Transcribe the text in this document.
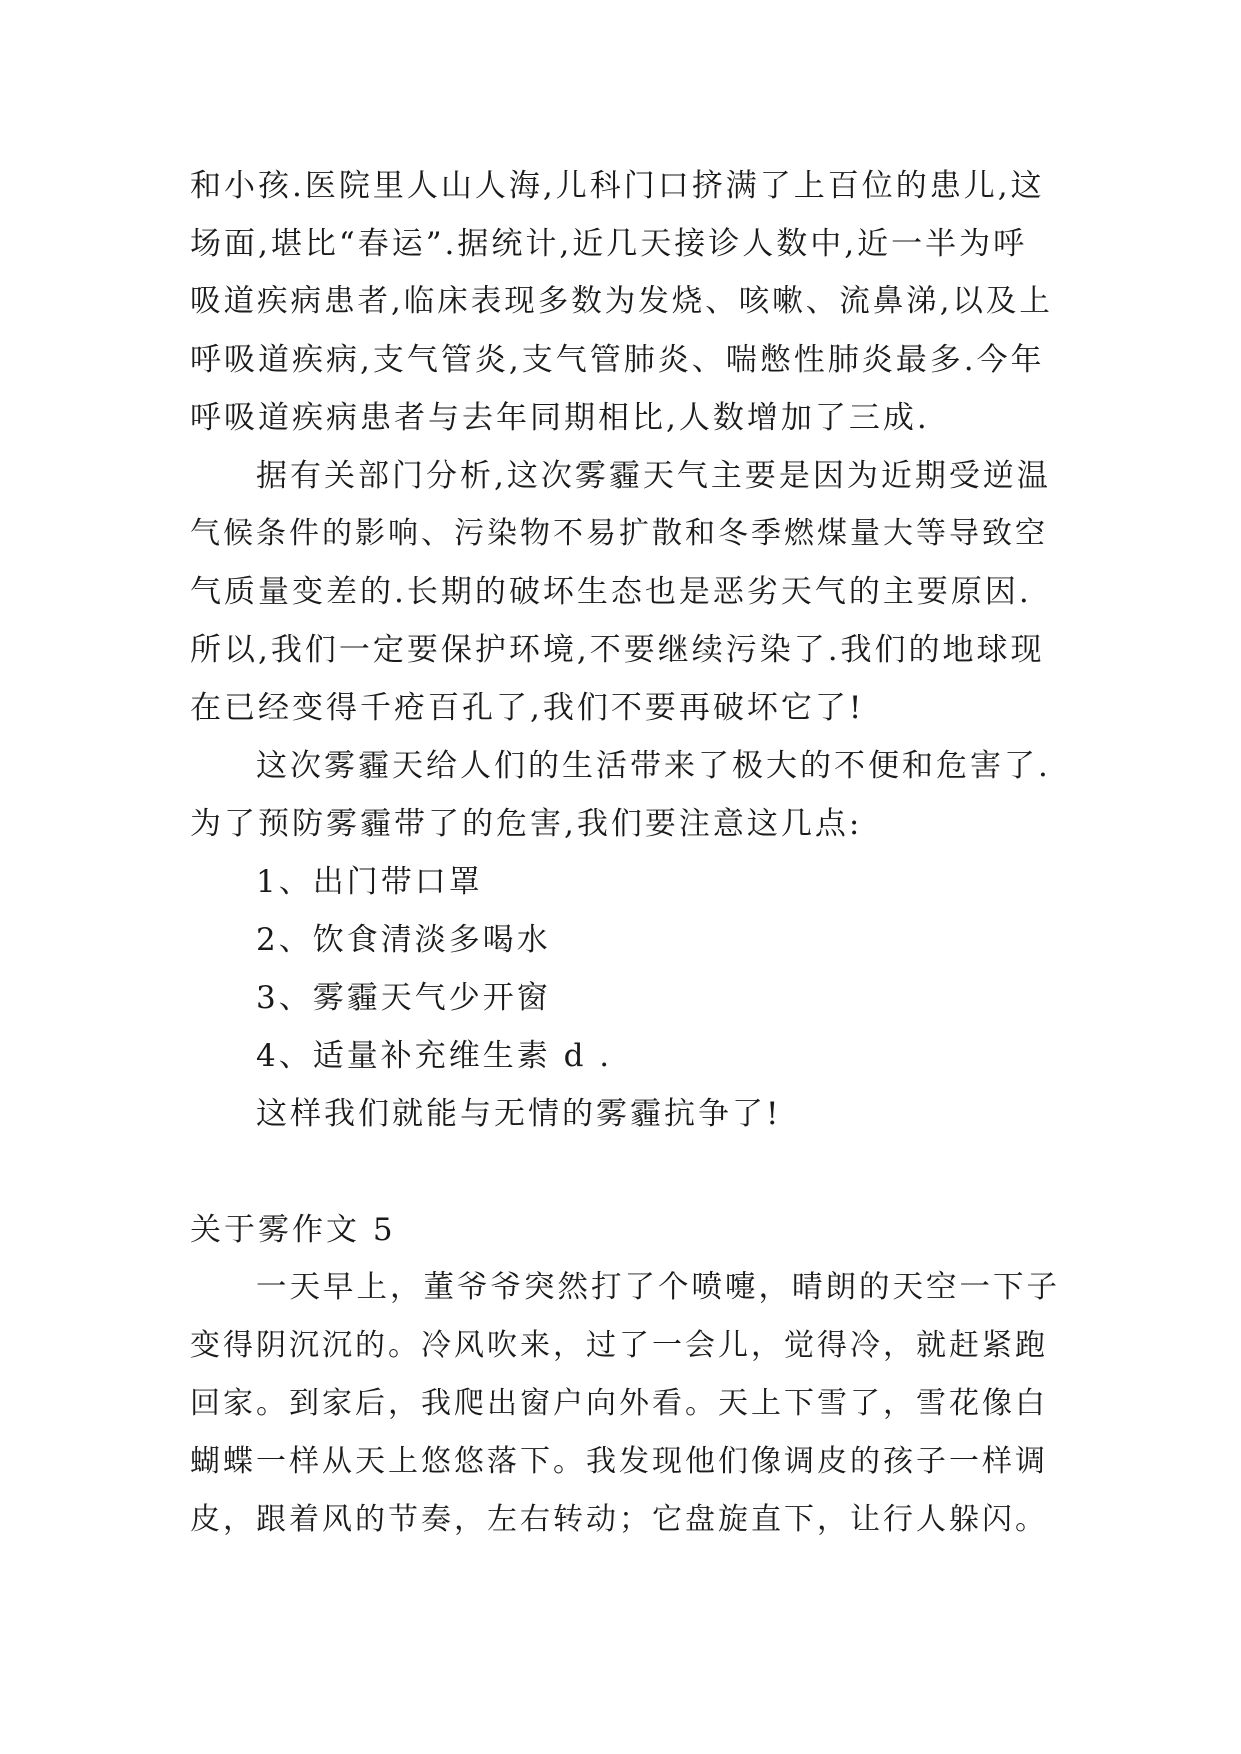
和小孩.医院里人山人海,儿科门口挤满了上百位的患儿,这
场面,堪比“春运”.据统计,近几天接诊人数中,近一半为呼
吸道疾病患者,临床表现多数为发烧、咳嗽、流鼻涕,以及上
呼吸道疾病,支气管炎,支气管肺炎、喘憋性肺炎最多.今年
呼吸道疾病患者与去年同期相比,人数增加了三成.
据有关部门分析,这次雾霾天气主要是因为近期受逆温
气候条件的影响、污染物不易扩散和冬季燃煤量大等导致空
气质量变差的.长期的破坏生态也是恶劣天气的主要原因.
所以,我们一定要保护环境,不要继续污染了.我们的地球现
在已经变得千疮百孔了,我们不要再破坏它了!
这次雾霾天给人们的生活带来了极大的不便和危害了.
为了预防雾霾带了的危害,我们要注意这几点:
1、出门带口罩
2、饮食清淡多喝水
3、雾霾天气少开窗
4、适量补充维生素 d .
这样我们就能与无情的雾霾抗争了!
关于雾作文 5
一天早上，董爷爷突然打了个喷嚏，晴朗的天空一下子
变得阴沉沉的。冷风吹来，过了一会儿，觉得冷，就赶紧跑
回家。到家后，我爬出窗户向外看。天上下雪了，雪花像白
蝴蝶一样从天上悠悠落下。我发现他们像调皮的孩子一样调
皮，跟着风的节奏，左右转动；它盘旋直下，让行人躲闪。
